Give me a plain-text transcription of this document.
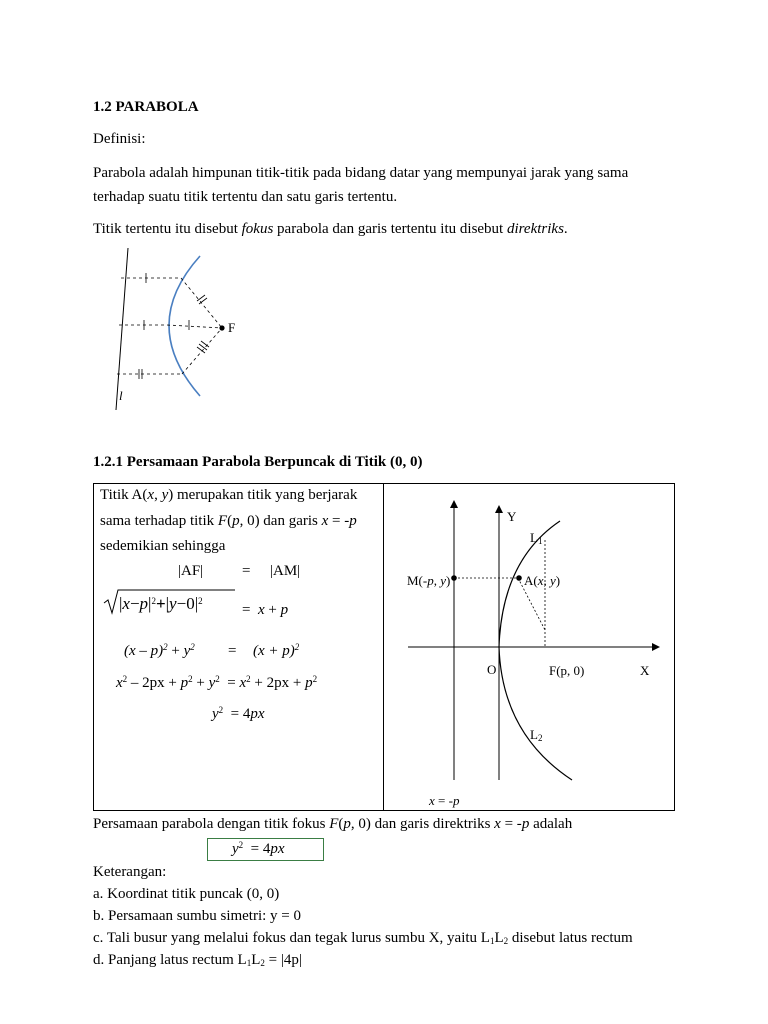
1.2 PARABOLA
Definisi:
Parabola adalah himpunan titik-titik pada bidang datar yang mempunyai jarak yang sama
terhadap suatu titik tertentu dan satu garis tertentu.
Titik tertentu itu disebut fokus parabola dan garis tertentu itu disebut direktriks.
F
l
1.2.1 Persamaan Parabola Berpuncak di Titik (0, 0)
Titik A(x, y) merupakan titik yang berjarak
sama terhadap titik F(p, 0) dan garis x = -p
sedemikian sehingga
|AF|	= |AM|
$|x-p|^2+|y-0|^2$
= x + p
$(x - p)^2 + y^2 = (x + p)^2$
$x^2 - 2px + p^2 + y^2 = x^2 + 2px + p^2$
$y^2 = 4px$
Y
X
O
L1
L2
M(-p, y)	A(x, y)
F(p, 0)
x = -p
Persamaan parabola dengan titik fokus F(p, 0) dan garis direktriks x = -p adalah
$y^2 = 4px$
Keterangan:
a. Koordinat titik puncak (0, 0)
b. Persamaan sumbu simetri: y = 0
c. Tali busur yang melalui fokus dan tegak lurus sumbu X, yaitu $L_1L_2$ disebut latus rectum
d. Panjang latus rectum $L_1L_2 = |4p|$
